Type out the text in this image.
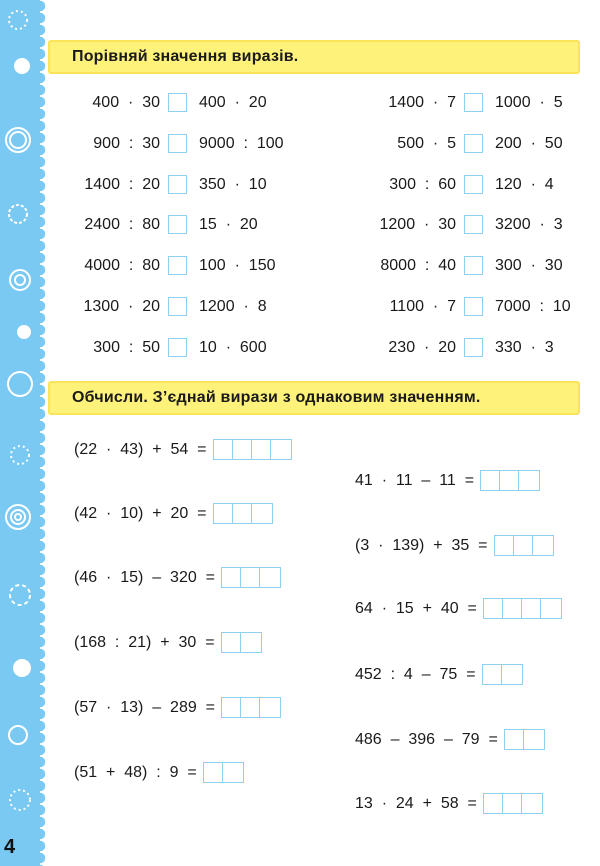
4
Порівняй значення виразів.
400  ·  30 400  ·  20
900  :  30 9000  :  100
1400  :  20 350  ·  10
2400  :  80 15  ·  20
4000  :  80 100  ·  150
1300  ·  20 1200  ·  8
300  :  50 10  ·  600
1400  ·  7 1000  ·  5
500  ·  5 200  ·  50
300  :  60 120  ·  4
1200  ·  30 3200  ·  3
8000  :  40 300  ·  30
1100  ·  7 7000  :  10
230  ·  20 330  ·  3
Обчисли. З’єднай вирази з однаковим значенням.
(22  ·  43)  +  54  =
(42  ·  10)  +  20  =
(46  ·  15)  –  320  =
(168  :  21)  +  30  =
(57  ·  13)  –  289  =
(51  +  48)  :  9  =
41  ·  11  –  11  =
(3  ·  139)  +  35  =
64  ·  15  +  40  =
452  :  4  –  75  =
486  –  396  –  79  =
13  ·  24  +  58  =
